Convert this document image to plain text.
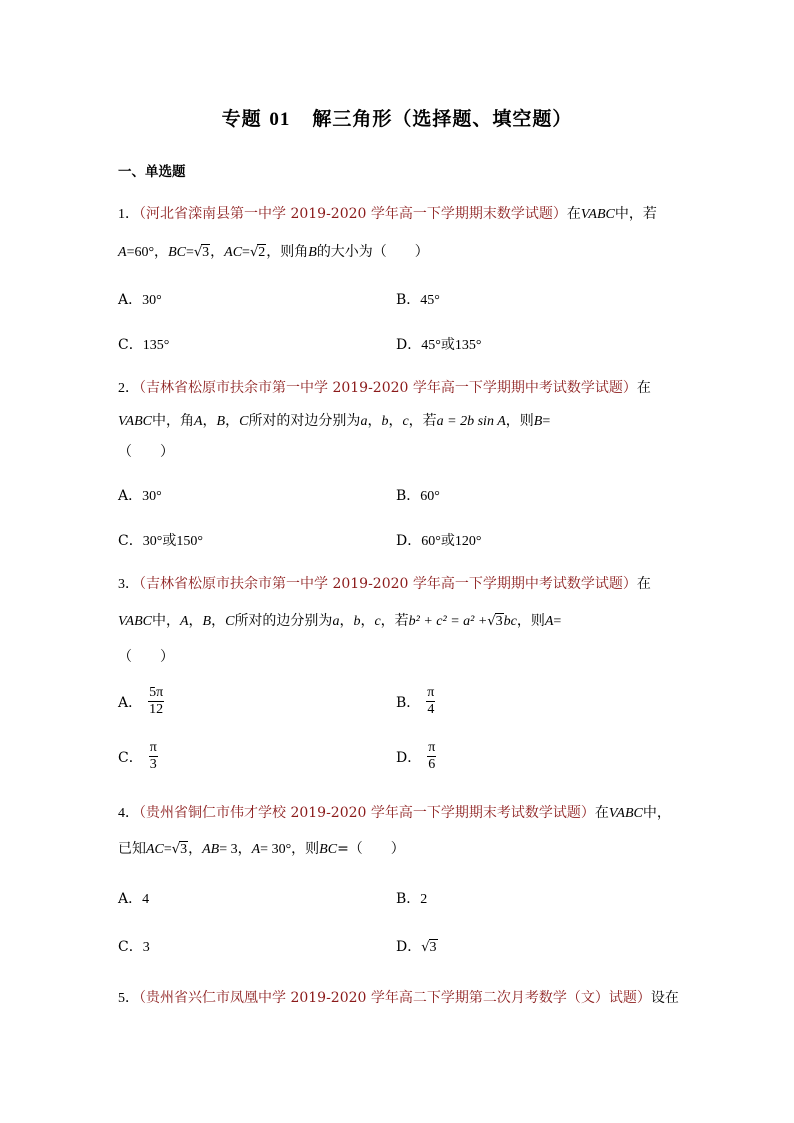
专题 01 解三角形（选择题、填空题）
一、单选题
1．（河北省滦南县第一中学 2019-2020 学年高一下学期期末数学试题）在VABC中，若
A=60°，BC=√3，AC=√2，则角B的大小为（　　）
A．30°	B．45°
C．135°	D．45°或135°
2．（吉林省松原市扶余市第一中学 2019-2020 学年高一下学期期中考试数学试题）在
VABC中，角A，B，C所对的对边分别为a，b，c，若a = 2b sin A，则B=
（　　）
A．30°	B．60°
C．30°或150°	D．60°或120°
3．（吉林省松原市扶余市第一中学 2019-2020 学年高一下学期期中考试数学试题）在
VABC中，A，B，C所对的边分别为a，b，c，若b² + c² = a² +√3bc，则A=
（　　）
A． $\frac{5\pi}{12}$	B． $\frac{\pi}{4}$
C． $\frac{\pi}{3}$	D． $\frac{\pi}{6}$
4．（贵州省铜仁市伟才学校 2019-2020 学年高一下学期期末考试数学试题）在VABC中，
已知AC=√3，AB= 3，A= 30°，则BC=（　　）
A．4	B．2
C．3	D．√3
5．（贵州省兴仁市凤凰中学 2019-2020 学年高二下学期第二次月考数学（文）试题）设在
